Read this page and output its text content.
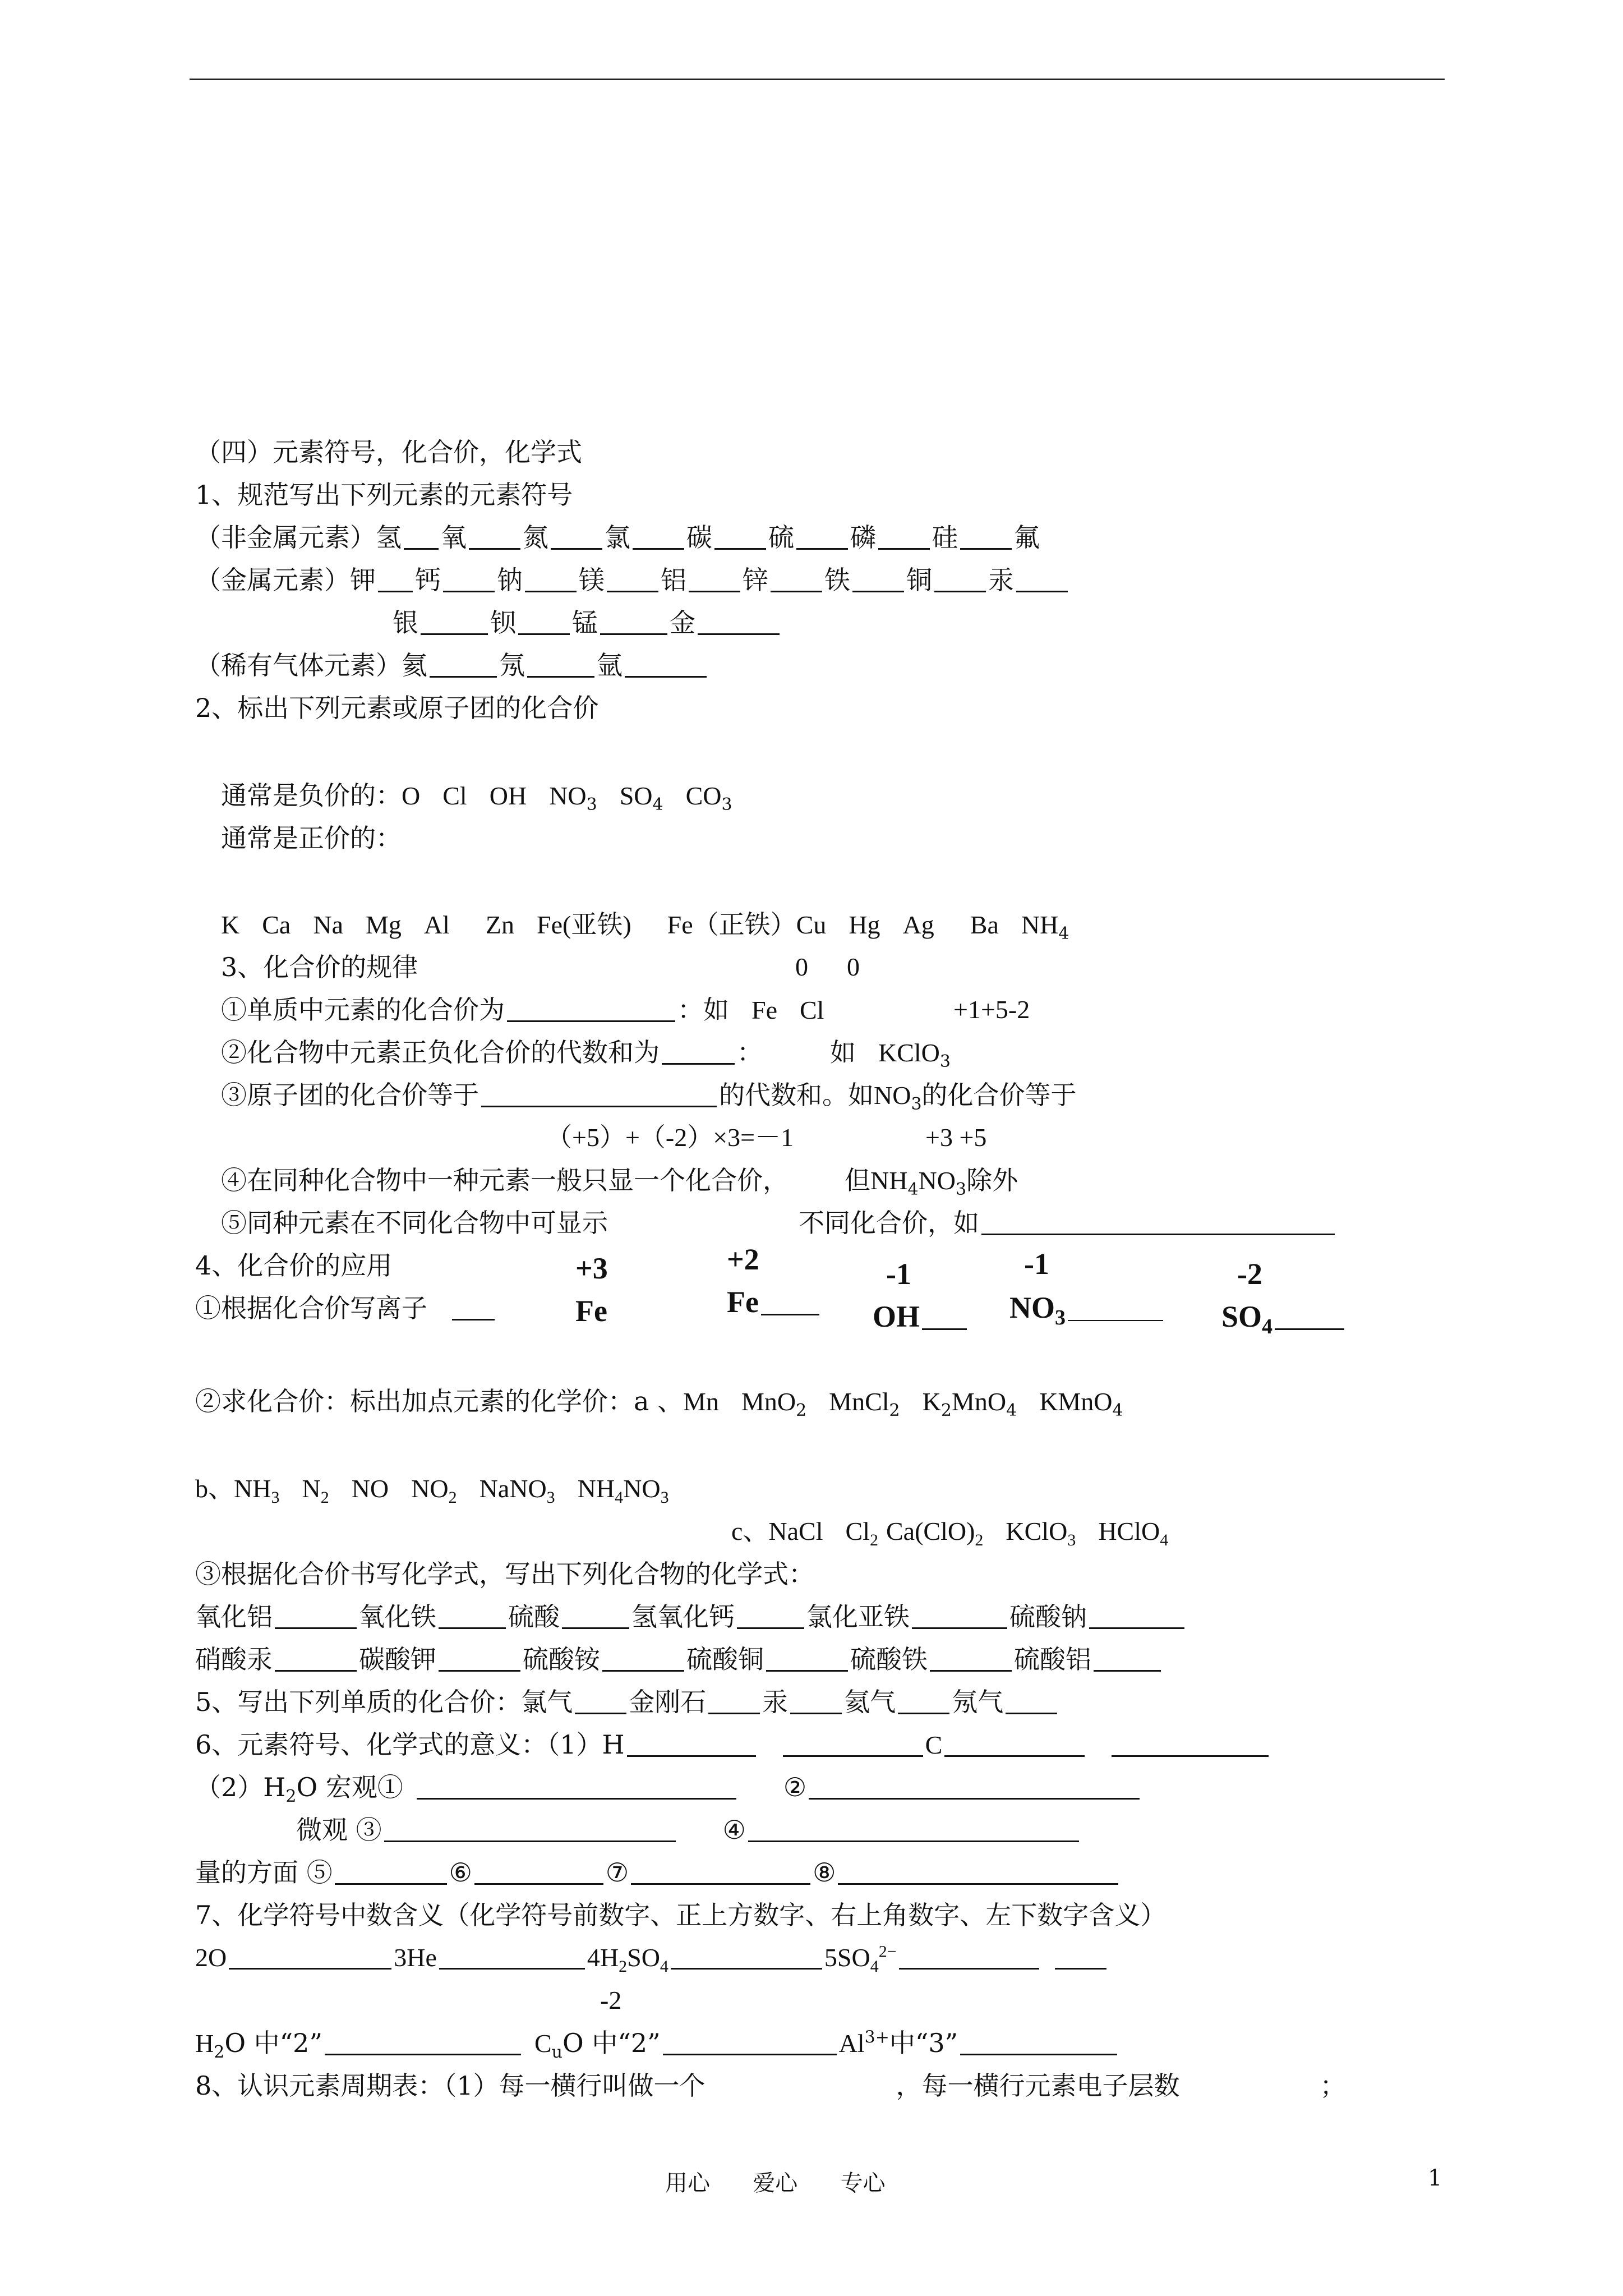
（四）元素符号，化合价，化学式
1、规范写出下列元素的元素符号
（非金属元素）氢 氧 氮 氯 碳 硫 磷 硅 氟
（金属元素）钾 钙 钠 镁 铝 锌 铁 铜 汞
银	钡 锰	金
（稀有气体元素）氦	氖	氩
2、标出下列元素或原子团的化合价
通常是负价的：O Cl OH $NO_3$ $SO_4$ $CO_3$
通常是正价的：
K Ca Na Mg Al Zn Fe(亚铁) Fe（正铁）Cu Hg Ag Ba $NH_4$
3、化合价的规律	0      0
①单质中元素的化合价为	：如 Fe Cl	+1+5-2
②化合物中元素正负化合价的代数和为	：	如 KClO$_3$
③原子团的化合价等于	的代数和。如$NO_3$的化合价等于
（+5）+（-2）×3=－1	+3 +5
④在同种化合物中一种元素一般只显一个化合价， 但$NH_4NO_3$除外
⑤同种元素在不同化合物中可显示	不同化合价，如
4、化合价的应用
①根据化合价写离子
+3
Fe
+2
Fe
-1
OH
-1
$NO_3$
-2
$SO_4$
②求化合价：标出加点元素的化学价：a 、Mn MnO$_2$ MnCl$_2$ $K_2MnO_4$ KMnO$_4$
b、$NH_3$ $N_2$ NO $NO_2$ NaNO$_3$ $NH_4NO_3$
c、NaCl $Cl_2$ $Ca(ClO)_2$ KClO$_3$ HClO$_4$
③根据化合价书写化学式，写出下列化合物的化学式：
氧化铝	氧化铁	硫酸	氢氧化钙	氯化亚铁	硫酸钠
硝酸汞	碳酸钾	硫酸铵	硫酸铜	硫酸铁	硫酸铝
5、写出下列单质的化合价：氯气 金刚石 汞 氦气 氖气
6、元素符号、化学式的意义：（1）H	C
$(2)H_2O$ 宏观①	②
微观 ③	④
量的方面 ⑤	⑥	⑦	⑧
7、化学符号中数含义（化学符号前数字、正上方数字、右上角数字、左下数字含义）
2O	3He	$4H_2SO_4$	$5SO_4^{2-}$
-2
$H_2O$ 中“2”	$C_uO$ 中“2”	$Al^{3+}$中“3”
8、认识元素周期表：（1）每一横行叫做一个	，每一横行元素电子层数	；
用心      爱心      专心	1
